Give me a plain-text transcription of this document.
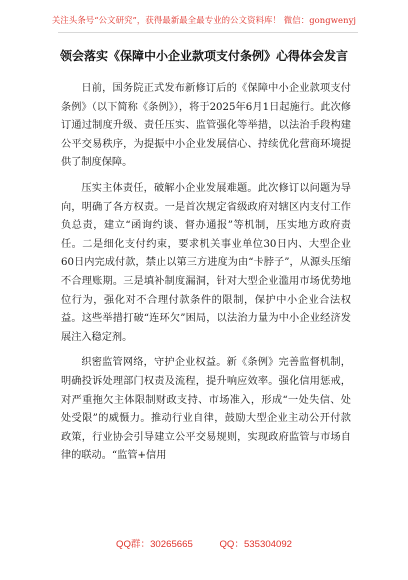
关注头条号“公文研究”，获得最新最全最专业的公文资料库！ 微信：gongwenyj
领会落实《保障中小企业款项支付条例》心得体会发言

日前，国务院正式发布新修订后的《保障中小企业款项支付条例》（以下简称《条例》），将于2025年6月1日起施行。此次修订通过制度升级、责任压实、监管强化等举措，以法治手段构建公平交易秩序，为提振中小企业发展信心、持续优化营商环境提供了制度保障。

压实主体责任，破解小企业发展难题。此次修订以问题为导向，明确了各方权责。一是首次规定省级政府对辖区内支付工作负总责，建立“函询约谈、督办通报”等机制，压实地方政府责任。二是细化支付约束，要求机关事业单位30日内、大型企业60日内完成付款，禁止以第三方进度为由“卡脖子”，从源头压缩不合理账期。三是填补制度漏洞，针对大型企业滥用市场优势地位行为，强化对不合理付款条件的限制，保护中小企业合法权益。这些举措打破“连环欠”困局，以法治力量为中小企业经济发展注入稳定剂。

织密监管网络，守护企业权益。新《条例》完善监督机制，明确投诉处理部门权责及流程，提升响应效率。强化信用惩戒，对严重拖欠主体限制财政支持、市场准入，形成“一处失信、处处受限”的威慑力。推动行业自律，鼓励大型企业主动公开付款政策，行业协会引导建立公平交易规则，实现政府监管与市场自律的联动。“监管+信用

QQ群：30265665	QQ：535304092
